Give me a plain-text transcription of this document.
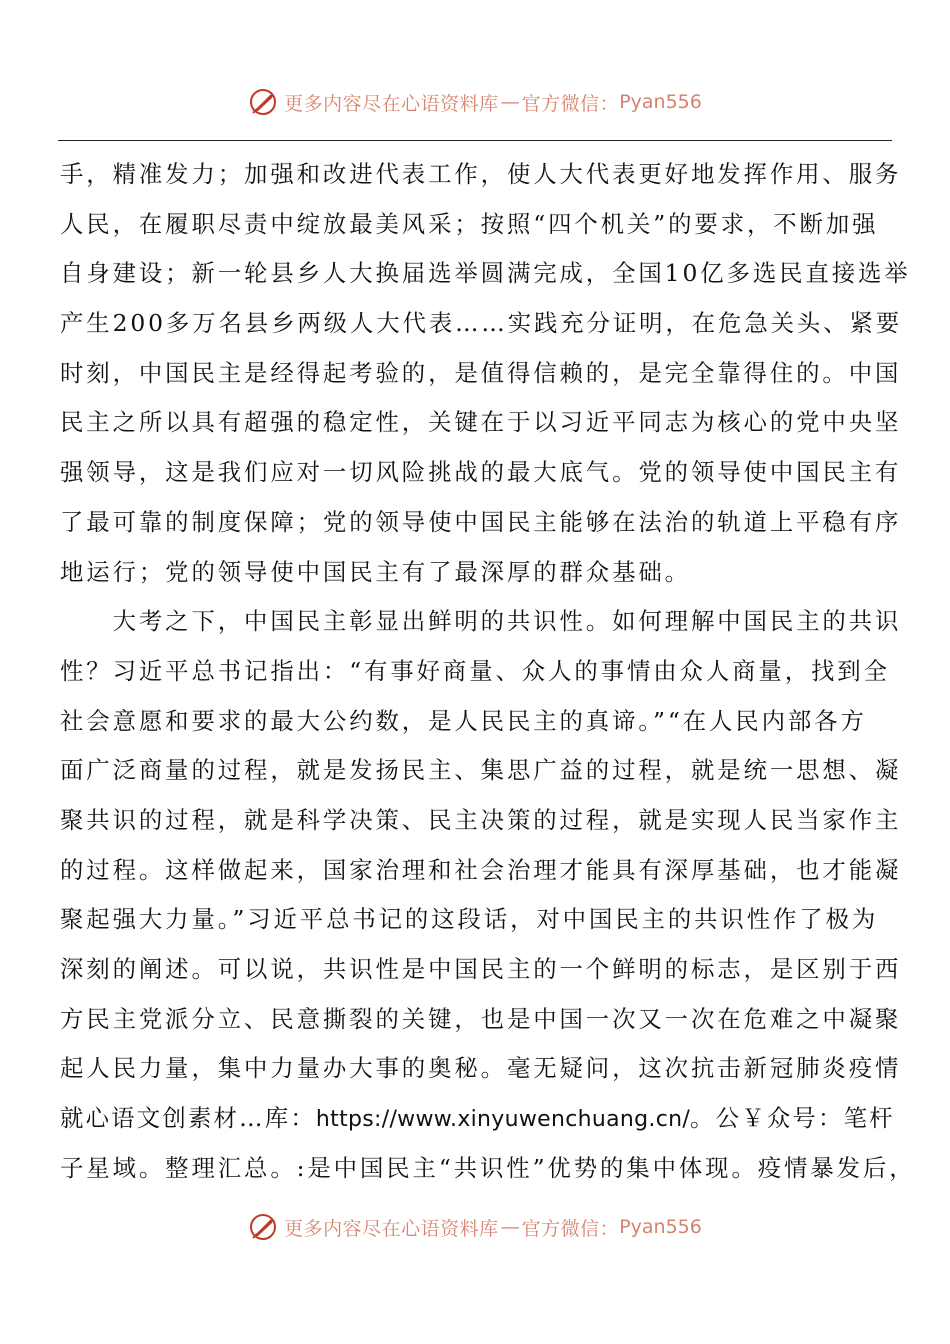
更多内容尽在心语资料库 — 官方微信： Pyan556
手，精准发力；加强和改进代表工作，使人大代表更好地发挥作用、服务
人民，在履职尽责中绽放最美风采；按照“四个机关”的要求，不断加强
自身建设；新一轮县乡人大换届选举圆满完成，全国10亿多选民直接选举
产生200多万名县乡两级人大代表……实践充分证明，在危急关头、紧要
时刻，中国民主是经得起考验的，是值得信赖的，是完全靠得住的。中国
民主之所以具有超强的稳定性，关键在于以习近平同志为核心的党中央坚
强领导，这是我们应对一切风险挑战的最大底气。党的领导使中国民主有
了最可靠的制度保障；党的领导使中国民主能够在法治的轨道上平稳有序
地运行；党的领导使中国民主有了最深厚的群众基础。
　　大考之下，中国民主彰显出鲜明的共识性。如何理解中国民主的共识
性？习近平总书记指出：“有事好商量、众人的事情由众人商量，找到全
社会意愿和要求的最大公约数，是人民民主的真谛。”“在人民内部各方
面广泛商量的过程，就是发扬民主、集思广益的过程，就是统一思想、凝
聚共识的过程，就是科学决策、民主决策的过程，就是实现人民当家作主
的过程。这样做起来，国家治理和社会治理才能具有深厚基础，也才能凝
聚起强大力量。”习近平总书记的这段话，对中国民主的共识性作了极为
深刻的阐述。可以说，共识性是中国民主的一个鲜明的标志，是区别于西
方民主党派分立、民意撕裂的关键，也是中国一次又一次在危难之中凝聚
起人民力量，集中力量办大事的奥秘。毫无疑问，这次抗击新冠肺炎疫情
就心语文创素材…库：https://www.xinyuwenchuang.cn/。公￥众号：笔杆
子星域。整理汇总。:是中国民主“共识性”优势的集中体现。疫情暴发后，
更多内容尽在心语资料库 — 官方微信： Pyan556
